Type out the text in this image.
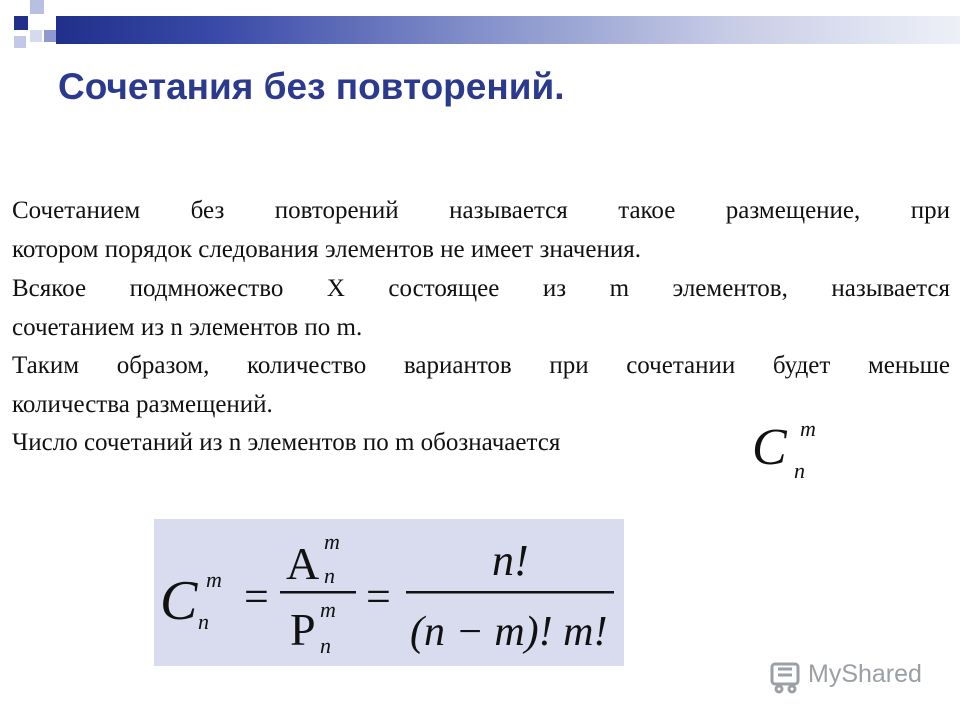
Сочетания без повторений.
Сочетанием без повторений называется такое размещение, при
котором порядок следования элементов не имеет значения.
Всякое подмножество X состоящее из m элементов, называется
сочетанием из n элементов по m.
Таким образом, количество вариантов при сочетании будет меньше
количества размещений.
Число сочетаний из n элементов по m обозначается	C m
n
C m
n
=
A m
n
P m
n
=
n!
(n − m)! m!
MyShared
